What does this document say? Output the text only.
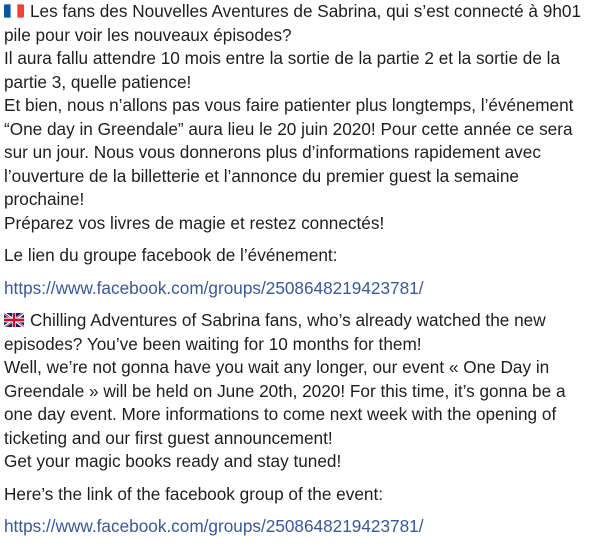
Les fans des Nouvelles Aventures de Sabrina, qui s’est connecté à 9h01
pile pour voir les nouveaux épisodes?
Il aura fallu attendre 10 mois entre la sortie de la partie 2 et la sortie de la
partie 3, quelle patience!
Et bien, nous n’allons pas vous faire patienter plus longtemps, l’événement
“One day in Greendale” aura lieu le 20 juin 2020! Pour cette année ce sera
sur un jour. Nous vous donnerons plus d’informations rapidement avec
l’ouverture de la billetterie et l’annonce du premier guest la semaine
prochaine!
Préparez vos livres de magie et restez connectés!
Le lien du groupe facebook de l’événement:
https://www.facebook.com/groups/2508648219423781/
Chilling Adventures of Sabrina fans, who’s already watched the new
episodes? You’ve been waiting for 10 months for them!
Well, we’re not gonna have you wait any longer, our event « One Day in
Greendale » will be held on June 20th, 2020! For this time, it’s gonna be a
one day event. More informations to come next week with the opening of
ticketing and our first guest announcement!
Get your magic books ready and stay tuned!
Here’s the link of the facebook group of the event:
https://www.facebook.com/groups/2508648219423781/
